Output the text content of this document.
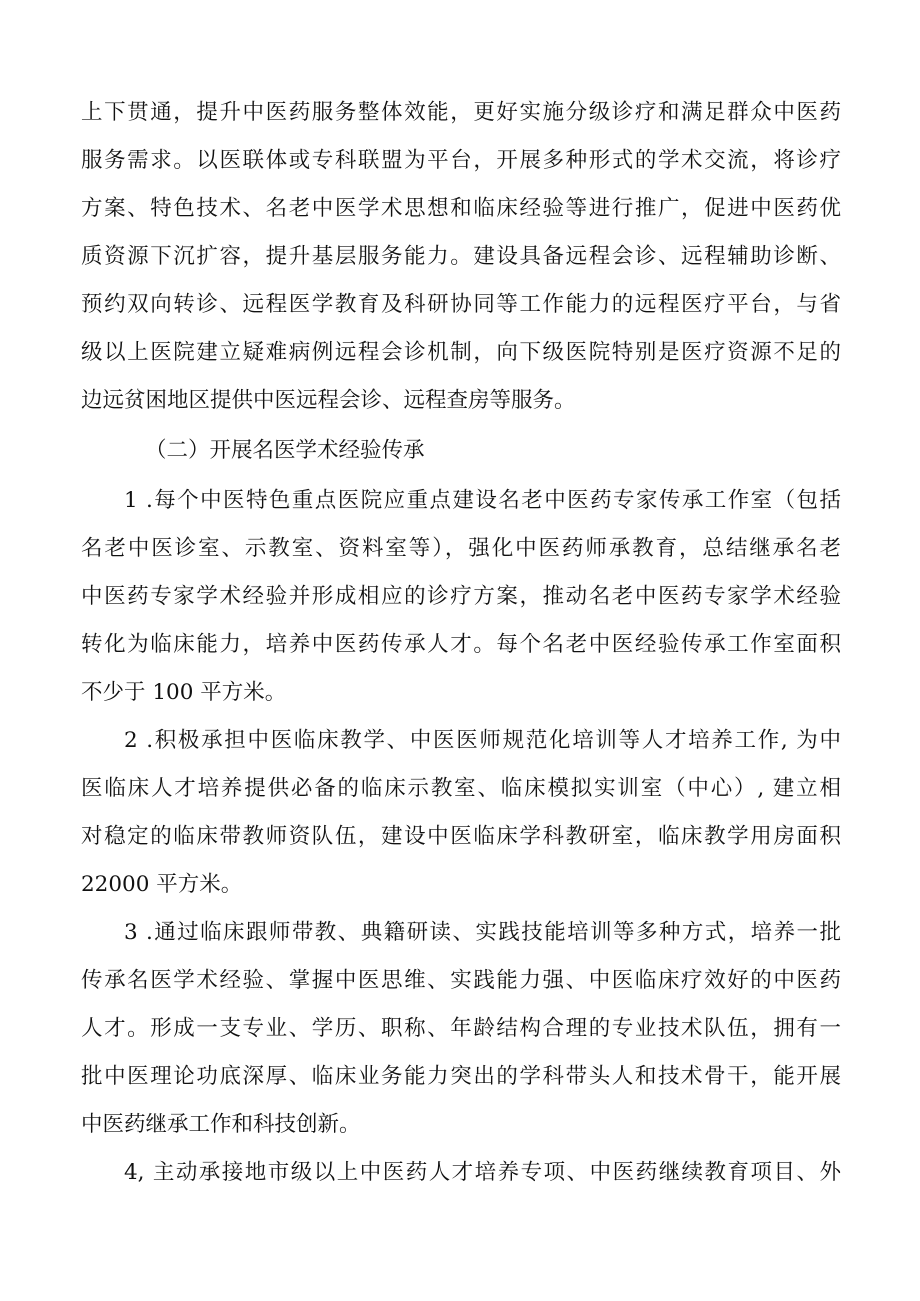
上下贯通，提升中医药服务整体效能，更好实施分级诊疗和满足群众中医药
服务需求。以医联体或专科联盟为平台，开展多种形式的学术交流，将诊疗
方案、特色技术、名老中医学术思想和临床经验等进行推广，促进中医药优
质资源下沉扩容，提升基层服务能力。建设具备远程会诊、远程辅助诊断、
预约双向转诊、远程医学教育及科研协同等工作能力的远程医疗平台，与省
级以上医院建立疑难病例远程会诊机制，向下级医院特别是医疗资源不足的
边远贫困地区提供中医远程会诊、远程查房等服务。
（二）开展名医学术经验传承
1 .每个中医特色重点医院应重点建设名老中医药专家传承工作室（包括
名老中医诊室、示教室、资料室等），强化中医药师承教育，总结继承名老
中医药专家学术经验并形成相应的诊疗方案，推动名老中医药专家学术经验
转化为临床能力，培养中医药传承人才。每个名老中医经验传承工作室面积
不少于 100 平方米。
2 .积极承担中医临床教学、中医医师规范化培训等人才培养工作, 为中
医临床人才培养提供必备的临床示教室、临床模拟实训室（中心）, 建立相
对稳定的临床带教师资队伍，建设中医临床学科教研室，临床教学用房面积
22000 平方米。
3 .通过临床跟师带教、典籍研读、实践技能培训等多种方式，培养一批
传承名医学术经验、掌握中医思维、实践能力强、中医临床疗效好的中医药
人才。形成一支专业、学历、职称、年龄结构合理的专业技术队伍，拥有一
批中医理论功底深厚、临床业务能力突出的学科带头人和技术骨干，能开展
中医药继承工作和科技创新。
4, 主动承接地市级以上中医药人才培养专项、中医药继续教育项目、外
